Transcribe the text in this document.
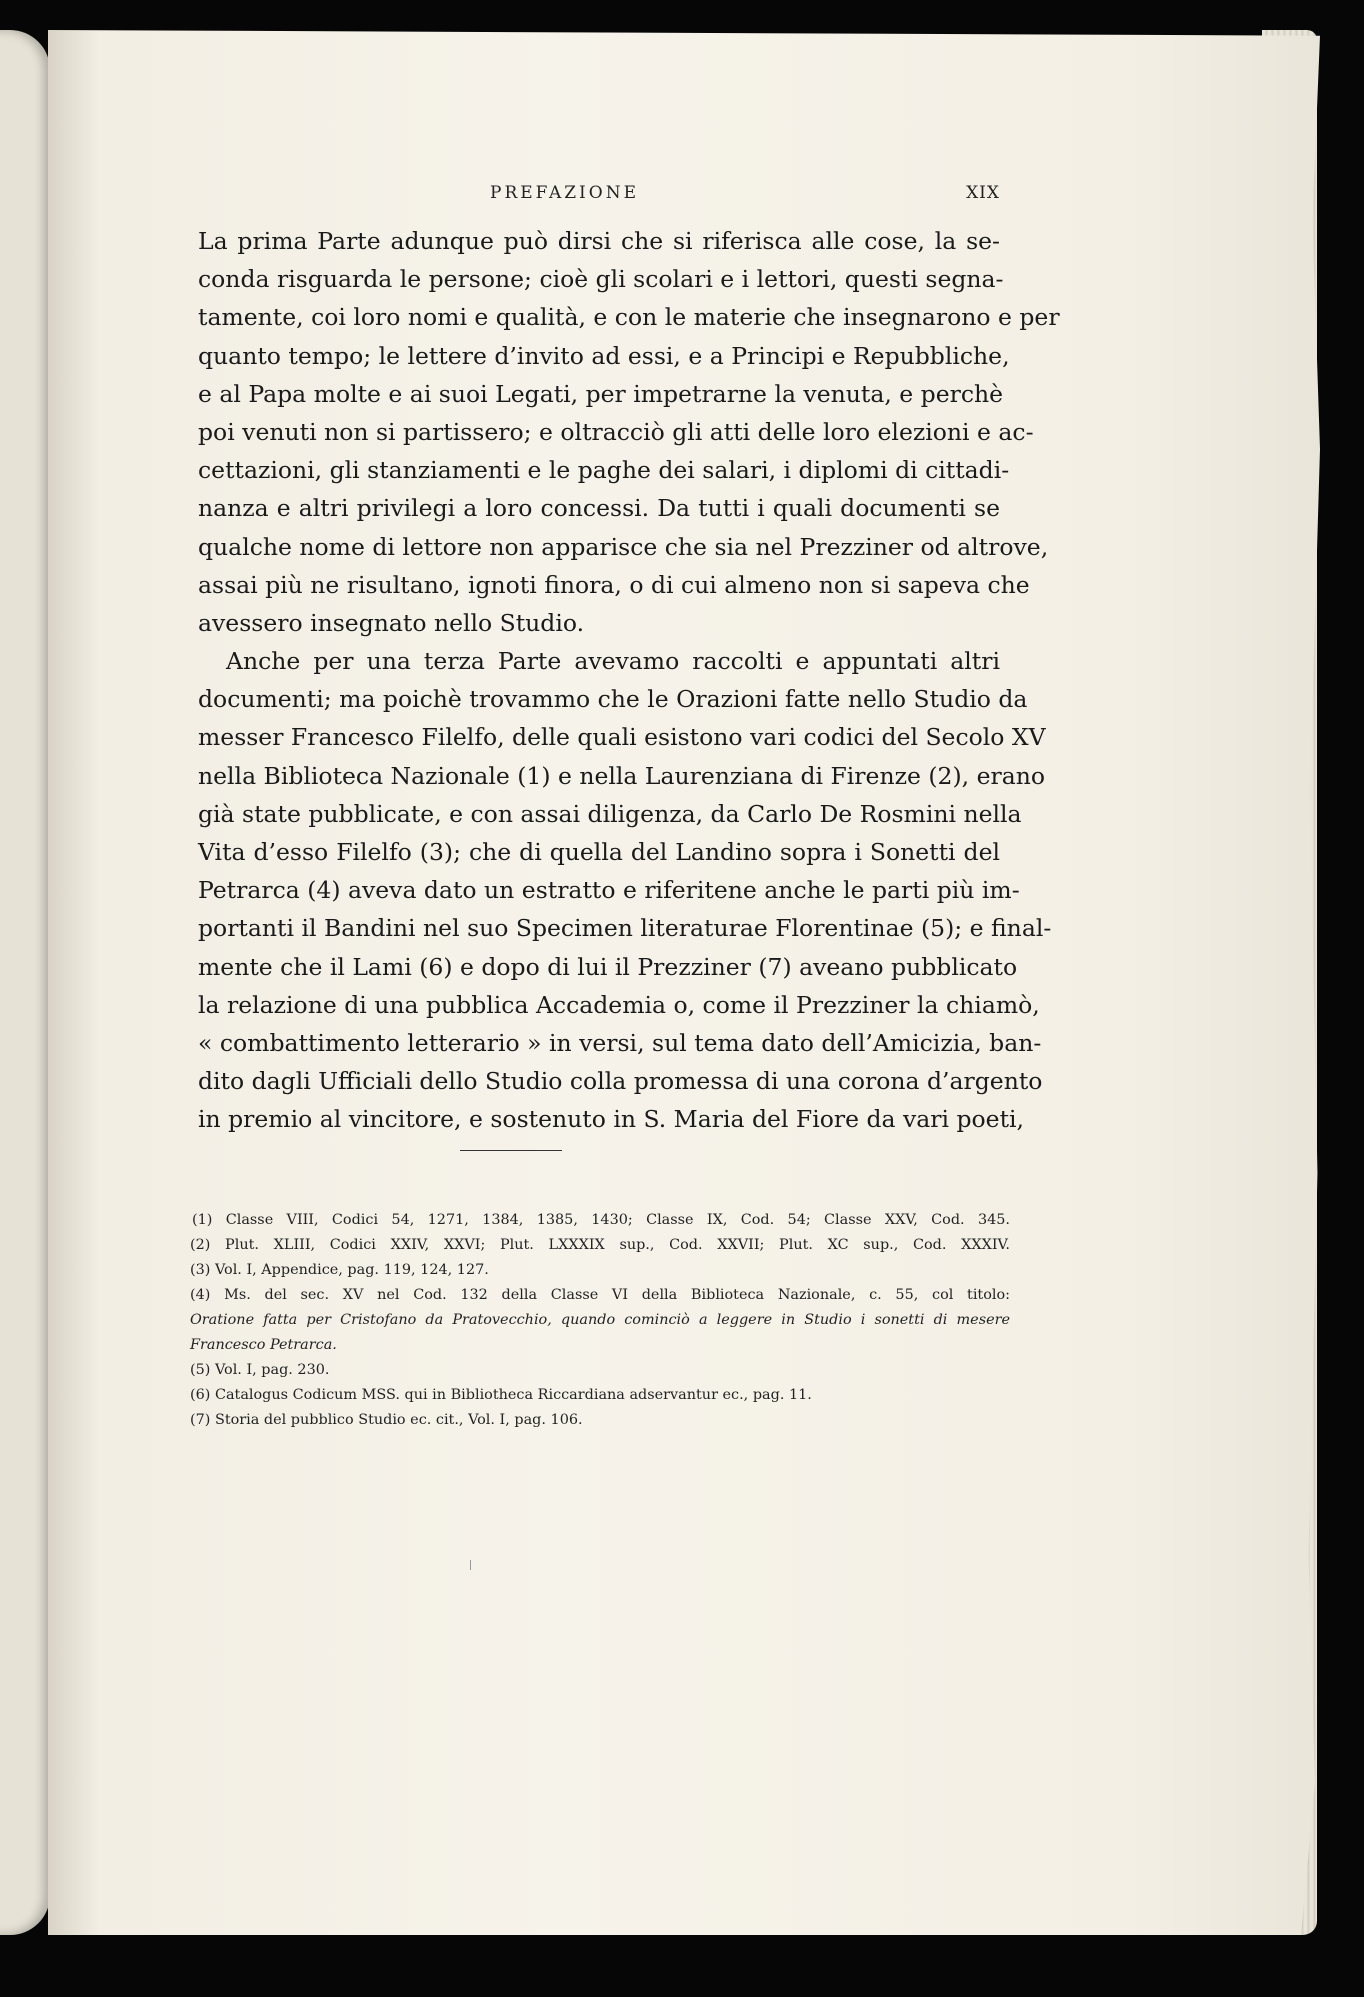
PREFAZIONE	XIX
La prima Parte adunque può dirsi che si riferisca alle cose, la se-
conda risguarda le persone; cioè gli scolari e i lettori, questi segna-
tamente, coi loro nomi e qualità, e con le materie che insegnarono e per
quanto tempo; le lettere d’invito ad essi, e a Principi e Repubbliche,
e al Papa molte e ai suoi Legati, per impetrarne la venuta, e perchè
poi venuti non si partissero; e oltracciò gli atti delle loro elezioni e ac-
cettazioni, gli stanziamenti e le paghe dei salari, i diplomi di cittadi-
nanza e altri privilegi a loro concessi. Da tutti i quali documenti se
qualche nome di lettore non apparisce che sia nel Prezziner od altrove,
assai più ne risultano, ignoti finora, o di cui almeno non si sapeva che
avessero insegnato nello Studio.
Anche per una terza Parte avevamo raccolti e appuntati altri
documenti; ma poichè trovammo che le Orazioni fatte nello Studio da
messer Francesco Filelfo, delle quali esistono vari codici del Secolo XV
nella Biblioteca Nazionale (1) e nella Laurenziana di Firenze (2), erano
già state pubblicate, e con assai diligenza, da Carlo De Rosmini nella
Vita d’esso Filelfo (3); che di quella del Landino sopra i Sonetti del
Petrarca (4) aveva dato un estratto e riferitene anche le parti più im-
portanti il Bandini nel suo Specimen literaturae Florentinae (5); e final-
mente che il Lami (6) e dopo di lui il Prezziner (7) aveano pubblicato
la relazione di una pubblica Accademia o, come il Prezziner la chiamò,
« combattimento letterario » in versi, sul tema dato dell’Amicizia, ban-
dito dagli Ufficiali dello Studio colla promessa di una corona d’argento
in premio al vincitore, e sostenuto in S. Maria del Fiore da vari poeti,
(1) Classe VIII, Codici 54, 1271, 1384, 1385, 1430; Classe IX, Cod. 54; Classe XXV, Cod. 345.
(2) Plut. XLIII, Codici XXIV, XXVI; Plut. LXXXIX sup., Cod. XXVII; Plut. XC sup., Cod. XXXIV.
(3) Vol. I, Appendice, pag. 119, 124, 127.
(4) Ms. del sec. XV nel Cod. 132 della Classe VI della Biblioteca Nazionale, c. 55, col titolo:
Oratione fatta per Cristofano da Pratovecchio, quando cominciò a leggere in Studio i sonetti di mesere
Francesco Petrarca.
(5) Vol. I, pag. 230.
(6) Catalogus Codicum MSS. qui in Bibliotheca Riccardiana adservantur ec., pag. 11.
(7) Storia del pubblico Studio ec. cit., Vol. I, pag. 106.
